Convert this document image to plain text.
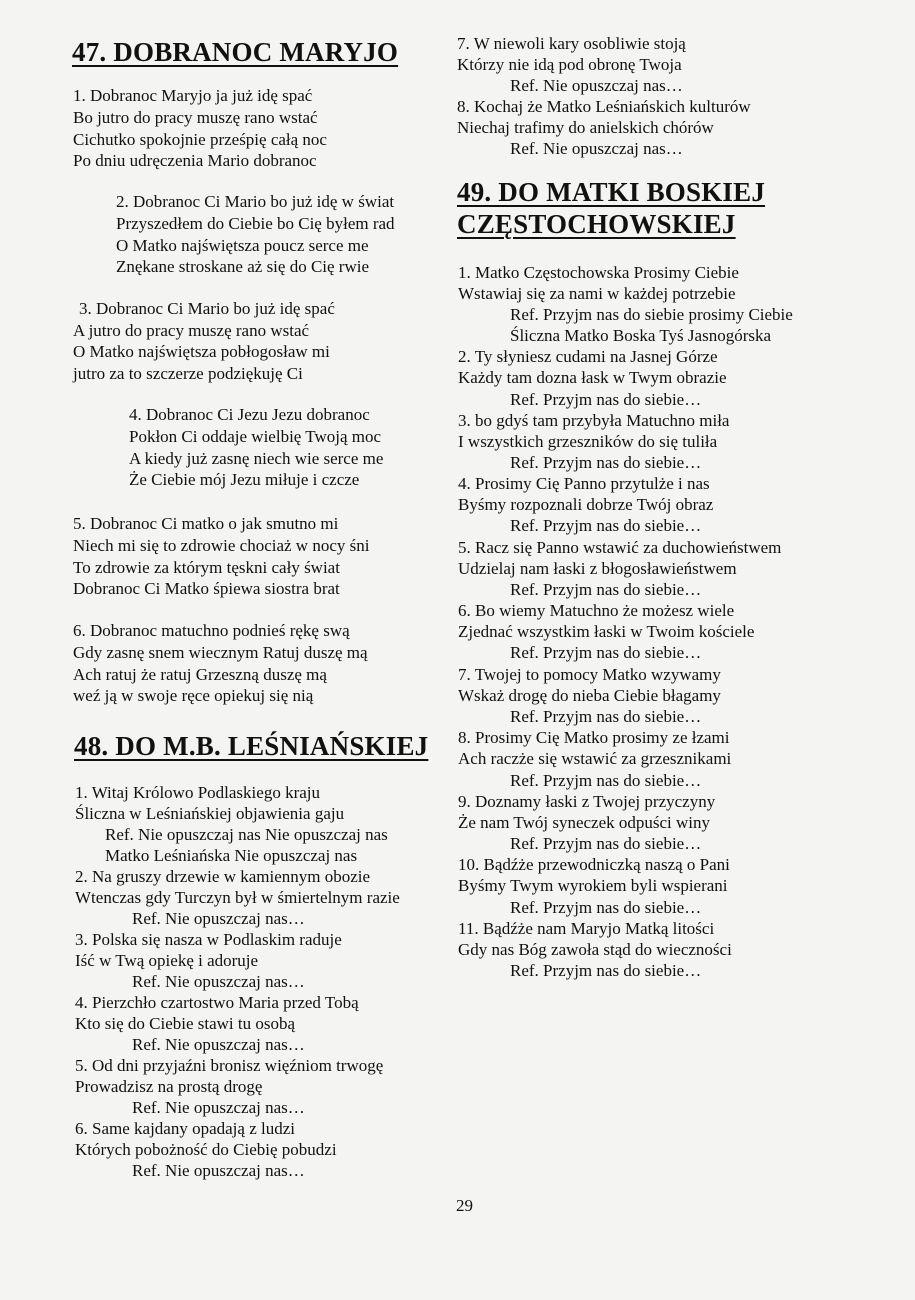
47. DOBRANOC MARYJO
1. Dobranoc Maryjo ja już idę spać
Bo jutro do pracy muszę rano wstać
Cichutko spokojnie prześpię całą noc
Po dniu udręczenia Mario dobranoc
2. Dobranoc Ci Mario bo już idę w świat
Przyszedłem do Ciebie bo Cię byłem rad
O Matko najświętsza poucz serce me
Znękane stroskane aż się do Cię rwie
3. Dobranoc Ci Mario bo już idę spać
A jutro do pracy muszę rano wstać
O Matko najświętsza pobłogosław mi
jutro za to szczerze podziękuję Ci
4. Dobranoc Ci Jezu Jezu dobranoc
Pokłon Ci oddaje wielbię Twoją moc
A kiedy już zasnę niech wie serce me
Że Ciebie mój Jezu miłuje i czcze
5. Dobranoc Ci matko o jak smutno mi
Niech mi się to zdrowie chociaż w nocy śni
To zdrowie za którym tęskni cały świat
Dobranoc Ci Matko śpiewa siostra brat
6. Dobranoc matuchno podnieś rękę swą
Gdy zasnę snem wiecznym Ratuj duszę mą
Ach ratuj że ratuj Grzeszną duszę mą
weź ją w swoje ręce opiekuj się nią
48. DO M.B. LEŚNIAŃSKIEJ
1. Witaj Królowo Podlaskiego kraju
Śliczna w Leśniańskiej objawienia gaju
Ref. Nie opuszczaj nas Nie opuszczaj nas
Matko Leśniańska Nie opuszczaj nas
2. Na gruszy drzewie w kamiennym obozie
Wtenczas gdy Turczyn był w śmiertelnym razie
Ref. Nie opuszczaj nas…
3. Polska się nasza w Podlaskim raduje
Iść w Twą opiekę i adoruje
Ref. Nie opuszczaj nas…
4. Pierzchło czartostwo Maria przed Tobą
Kto się do Ciebie stawi tu osobą
Ref. Nie opuszczaj nas…
5. Od dni przyjaźni bronisz więźniom trwogę
Prowadzisz na prostą drogę
Ref. Nie opuszczaj nas…
6. Same kajdany opadają z ludzi
Których pobożność do Ciebię pobudzi
Ref. Nie opuszczaj nas…
7. W niewoli kary osobliwie stoją
Którzy nie idą pod obronę Twoja
Ref. Nie opuszczaj nas…
8. Kochaj że Matko Leśniańskich kulturów
Niechaj trafimy do anielskich chórów
Ref. Nie opuszczaj nas…
49. DO MATKI BOSKIEJ
CZĘSTOCHOWSKIEJ
1. Matko Częstochowska Prosimy Ciebie
Wstawiaj się za nami w każdej potrzebie
Ref. Przyjm nas do siebie prosimy Ciebie
Śliczna Matko Boska Tyś Jasnogórska
2. Ty słyniesz cudami na Jasnej Górze
Każdy tam dozna łask w Twym obrazie
Ref. Przyjm nas do siebie…
3. bo gdyś tam przybyła Matuchno miła
I wszystkich grzeszników do się tuliła
Ref. Przyjm nas do siebie…
4. Prosimy Cię Panno przytulże i nas
Byśmy rozpoznali dobrze Twój obraz
Ref. Przyjm nas do siebie…
5. Racz się Panno wstawić za duchowieństwem
Udzielaj nam łaski z błogosławieństwem
Ref. Przyjm nas do siebie…
6. Bo wiemy Matuchno że możesz wiele
Zjednać wszystkim łaski w Twoim kościele
Ref. Przyjm nas do siebie…
7. Twojej to pomocy Matko wzywamy
Wskaż drogę do nieba Ciebie błagamy
Ref. Przyjm nas do siebie…
8. Prosimy Cię Matko prosimy ze łzami
Ach raczże się wstawić za grzesznikami
Ref. Przyjm nas do siebie…
9. Doznamy łaski z Twojej przyczyny
Że nam Twój syneczek odpuści winy
Ref. Przyjm nas do siebie…
10. Bądźże przewodniczką naszą o Pani
Byśmy Twym wyrokiem byli wspierani
Ref. Przyjm nas do siebie…
11. Bądźże nam Maryjo Matką litości
Gdy nas Bóg zawoła stąd do wieczności
Ref. Przyjm nas do siebie…
29
